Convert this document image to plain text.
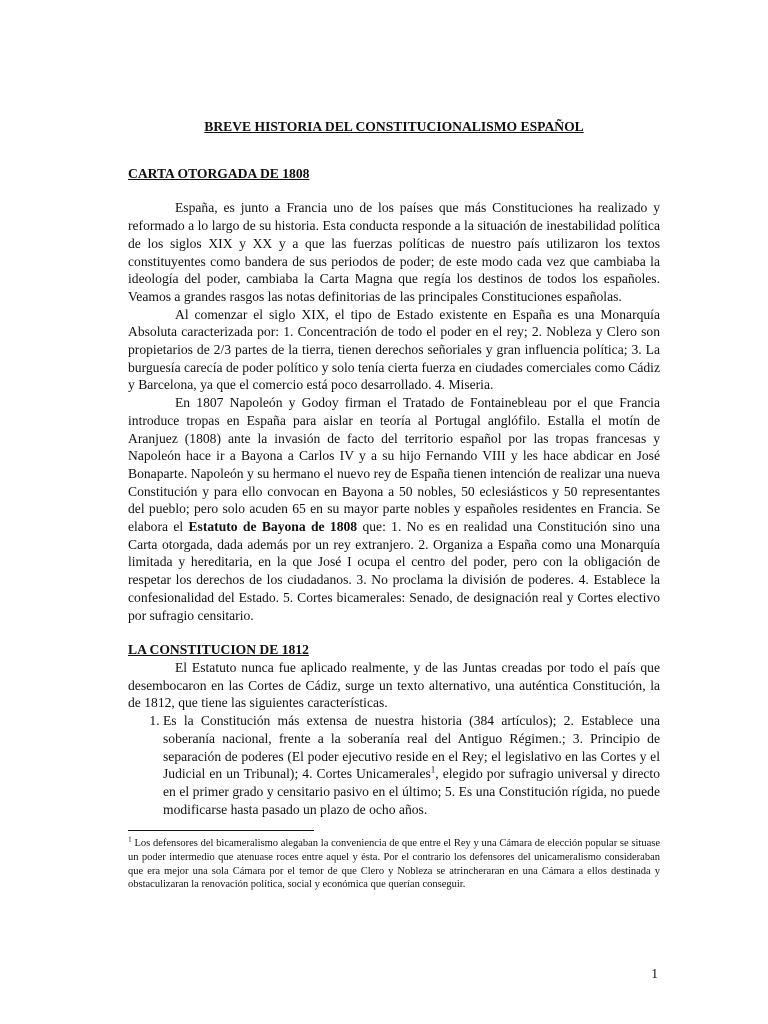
BREVE HISTORIA DEL CONSTITUCIONALISMO ESPAÑOL
CARTA OTORGADA DE 1808

España, es junto a Francia uno de los países que más Constituciones ha realizado y reformado a lo largo de su historia. Esta conducta responde a la situación de inestabilidad política de los siglos XIX y XX y a que las fuerzas políticas de nuestro país utilizaron los textos constituyentes como bandera de sus periodos de poder; de este modo cada vez que cambiaba la ideología del poder, cambiaba la Carta Magna que regía los destinos de todos los españoles. Veamos a grandes rasgos las notas definitorias de las principales Constituciones españolas.

Al comenzar el siglo XIX, el tipo de Estado existente en España es una Monarquía Absoluta caracterizada por: 1. Concentración de todo el poder en el rey; 2. Nobleza y Clero son propietarios de 2/3 partes de la tierra, tienen derechos señoriales y gran influencia política; 3. La burguesía carecía de poder político y solo tenía cierta fuerza en ciudades comerciales como Cádiz y Barcelona, ya que el comercio está poco desarrollado. 4. Miseria.

En 1807 Napoleón y Godoy firman el Tratado de Fontainebleau por el que Francia introduce tropas en España para aislar en teoría al Portugal anglófilo. Estalla el motín de Aranjuez (1808) ante la invasión de facto del territorio español por las tropas francesas y Napoleón hace ir a Bayona a Carlos IV y a su hijo Fernando VIII y les hace abdicar en José Bonaparte. Napoleón y su hermano el nuevo rey de España tienen intención de realizar una nueva Constitución y para ello convocan en Bayona a 50 nobles, 50 eclesiásticos y 50 representantes del pueblo; pero solo acuden 65 en su mayor parte nobles y españoles residentes en Francia. Se elabora el Estatuto de Bayona de 1808 que: 1. No es en realidad una Constitución sino una Carta otorgada, dada además por un rey extranjero. 2. Organiza a España como una Monarquía limitada y hereditaria, en la que José I ocupa el centro del poder, pero con la obligación de respetar los derechos de los ciudadanos. 3. No proclama la división de poderes. 4. Establece la confesionalidad del Estado. 5. Cortes bicamerales: Senado, de designación real y Cortes electivo por sufragio censitario.

LA CONSTITUCION DE 1812

El Estatuto nunca fue aplicado realmente, y de las Juntas creadas por todo el país que desembocaron en las Cortes de Cádiz, surge un texto alternativo, una auténtica Constitución, la de 1812, que tiene las siguientes características.

1. Es la Constitución más extensa de nuestra historia (384 artículos); 2. Establece una soberanía nacional, frente a la soberanía real del Antiguo Régimen.; 3. Principio de separación de poderes (El poder ejecutivo reside en el Rey; el legislativo en las Cortes y el Judicial en un Tribunal); 4. Cortes Unicamerales$^1$, elegido por sufragio universal y directo en el primer grado y censitario pasivo en el último; 5. Es una Constitución rígida, no puede modificarse hasta pasado un plazo de ocho años.
$^1$ Los defensores del bicameralismo alegaban la conveniencia de que entre el Rey y una Cámara de elección popular se situase un poder intermedio que atenuase roces entre aquel y ésta. Por el contrario los defensores del unicameralismo consideraban que era mejor una sola Cámara por el temor de que Clero y Nobleza se atrincheraran en una Cámara a ellos destinada y obstaculizaran la renovación política, social y económica que querían conseguir.
1
